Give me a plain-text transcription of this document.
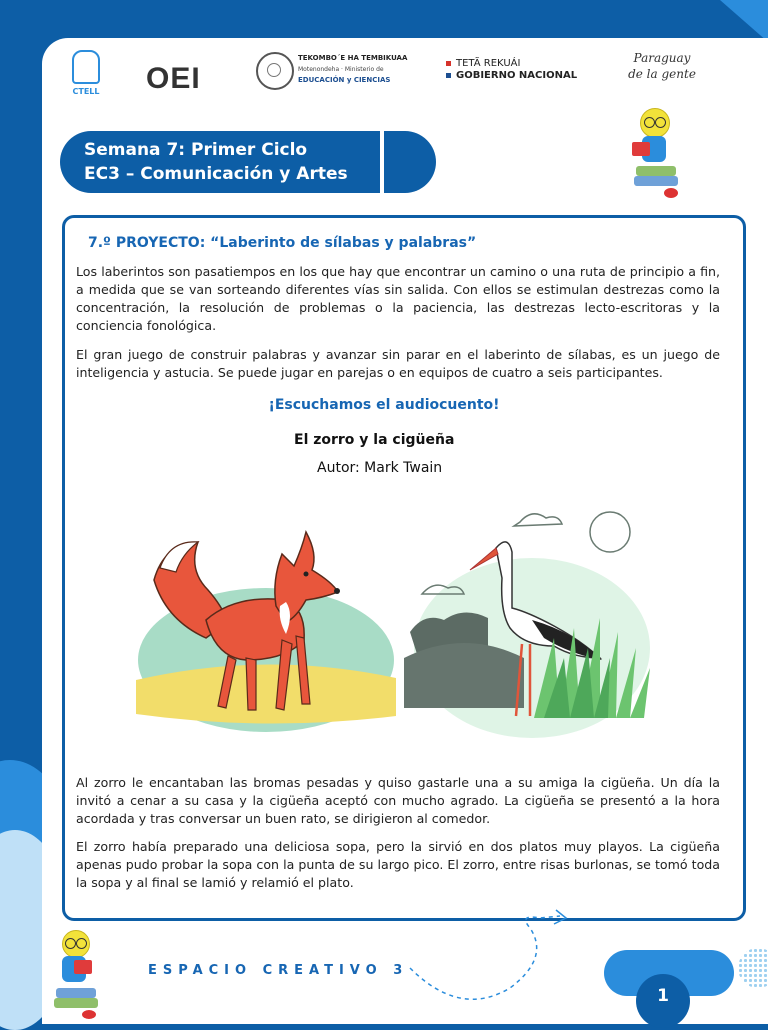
CTELL OEI
TEKOMBO´E HA TEMBIKUAA
Motenondeha · Ministerio de
EDUCACIÓN y CIENCIAS
TETÃ REKUÁI
GOBIERNO NACIONAL
Paraguay
de la gente
Semana 7: Primer Ciclo
EC3 – Comunicación y Artes
7.º PROYECTO: “Laberinto de sílabas y palabras”
Los laberintos son pasatiempos en los que hay que encontrar un camino o una ruta de principio a fin, a medida que se van sorteando diferentes vías sin salida. Con ellos se estimulan destrezas como la concentración, la resolución de problemas o la paciencia, las destrezas lecto-escritoras y la conciencia fonológica.
El gran juego de construir palabras y avanzar sin parar en el laberinto de sílabas, es un juego de inteligencia y astucia. Se puede jugar en parejas o en equipos de cuatro a seis participantes.
¡Escuchamos el audiocuento!
El zorro y la cigüeña
Autor: Mark Twain
Al zorro le encantaban las bromas pesadas y quiso gastarle una a su amiga la cigüeña. Un día la invitó a cenar a su casa y la cigüeña aceptó con mucho agrado. La cigüeña se presentó a la hora acordada y tras conversar un buen rato, se dirigieron al comedor.
El zorro había preparado una deliciosa sopa, pero la sirvió en dos platos muy playos. La cigüeña apenas pudo probar la sopa con la punta de su largo pico. El zorro, entre risas burlonas, se tomó toda la sopa y al final se lamió y relamió el plato.
ESPACIO CREATIVO 3
1
